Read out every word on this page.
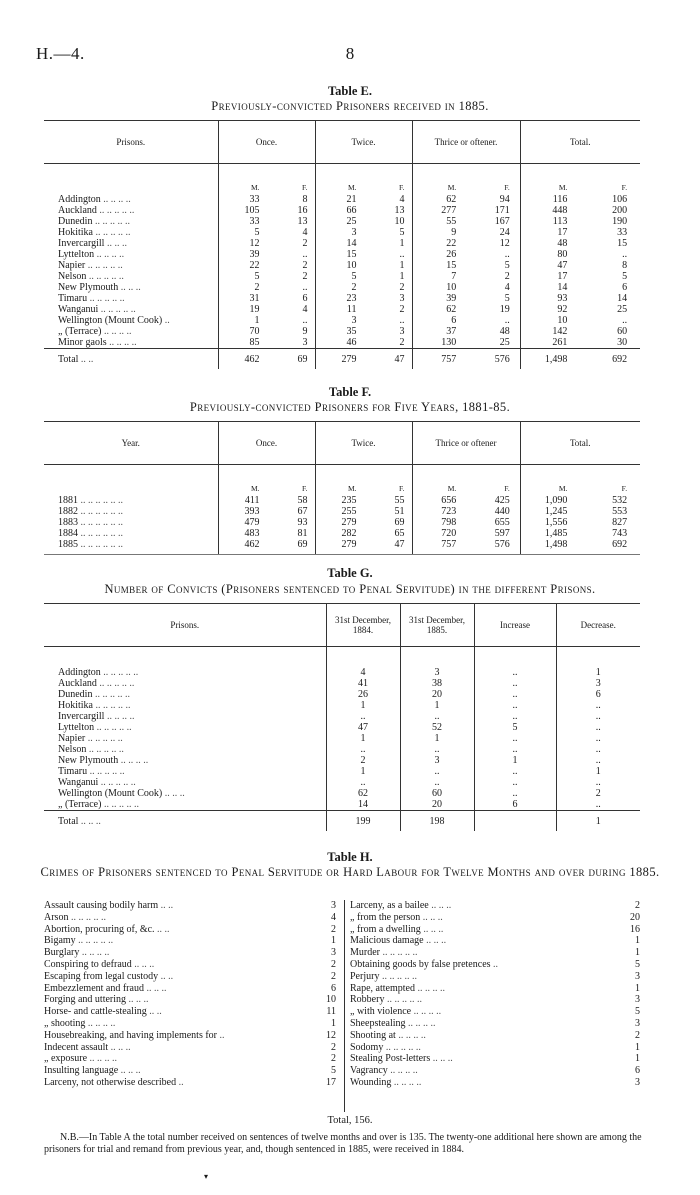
H.—4.	8
Table E.
Previously-convicted Prisoners received in 1885.
Prisons.	Once.	Twice.	Thrice or oftener.	Total.

	M. F.	M. F.	M. F.	M. F.

Addington .. .. .. ..	33 8	21 4	62 94	116 106

Auckland .. .. .. .. ..	105 16	66 13	277 171	448 200

Dunedin .. .. .. .. ..	33 13	25 10	55 167	113 190

Hokitika .. .. .. .. ..	5 4	3 5	9 24	17 33

Invercargill .. .. ..	12 2	14 1	22 12	48 15

Lyttelton .. .. .. ..	39 ..	15 ..	26 ..	80 ..

Napier .. .. .. .. ..	22 2	10 1	15 5	47 8

Nelson .. .. .. .. ..	5 2	5 1	7 2	17 5

New Plymouth .. .. ..	2 ..	2 2	10 4	14 6

Timaru .. .. .. .. ..	31 6	23 3	39 5	93 14

Wanganui .. .. .. .. ..	19 4	11 2	62 19	92 25

Wellington (Mount Cook) ..	1 ..	3 ..	6 ..	10 ..

„ (Terrace) .. .. .. ..	70 9	35 3	37 48	142 60

Minor gaols .. .. .. ..	85 3	46 2	130 25	261 30

Total .. ..	462 69	279 47	757 576	1,498 692
Table F.
Previously-convicted Prisoners for Five Years, 1881-85.
Year.	Once.	Twice.	Thrice or oftener	Total.

	M. F.	M. F.	M. F.	M. F.

1881 .. .. .. .. .. ..	411 58	235 55	656 425	1,090 532

1882 .. .. .. .. .. ..	393 67	255 51	723 440	1,245 553

1883 .. .. .. .. .. ..	479 93	279 69	798 655	1,556 827

1884 .. .. .. .. .. ..	483 81	282 65	720 597	1,485 743

1885 .. .. .. .. .. ..	462 69	279 47	757 576	1,498 692

Table G.
Number of Convicts (Prisoners sentenced to Penal Servitude) in the different Prisons.
Prisons.	31st December, 1884.	31st December, 1885.	Increase	Decrease.

Addington .. .. .. .. ..	4	3	..	1
Auckland .. .. .. .. ..	41	38	..	3
Dunedin .. .. .. .. ..	26	20	..	6
Hokitika .. .. .. .. ..	1	1	..	..
Invercargill .. .. .. ..	..	..	..	..
Lyttelton .. .. .. .. ..	47	52	5	..
Napier .. .. .. .. ..	1	1	..	..
Nelson .. .. .. .. ..	..	..	..	..
New Plymouth .. .. .. ..	2	3	1	..
Timaru .. .. .. .. ..	1	..	..	1
Wanganui .. .. .. .. ..	..	..	..	..
Wellington (Mount Cook) .. .. ..	62	60	..	2
„ (Terrace) .. .. .. .. ..	14	20	6	..
Total .. .. ..	199	198		1
Table H.
Crimes of Prisoners sentenced to Penal Servitude or Hard Labour for Twelve Months and over during 1885.
Assault causing bodily harm .. ..	3
Arson .. .. .. .. ..	4
Abortion, procuring of, &c. .. ..	2
Bigamy .. .. .. .. ..	1
Burglary .. .. .. ..	3
Conspiring to defraud .. .. ..	2
Escaping from legal custody .. ..	2
Embezzlement and fraud .. .. ..	6
Forging and uttering .. .. ..	10
Horse- and cattle-stealing .. ..	11
„ shooting .. .. .. ..	1
Housebreaking, and having implements for ..	12
Indecent assault .. .. ..	2
„ exposure .. .. .. ..	2
Insulting language .. .. ..	5
Larceny, not otherwise described ..	17
Larceny, as a bailee .. .. ..	2
„ from the person .. .. ..	20
„ from a dwelling .. .. ..	16
Malicious damage .. .. ..	1
Murder .. .. .. .. ..	1
Obtaining goods by false pretences ..	5
Perjury .. .. .. .. ..	3
Rape, attempted .. .. .. ..	1
Robbery .. .. .. .. ..	3
„ with violence .. .. .. ..	5
Sheepstealing .. .. .. ..	3
Shooting at .. .. .. ..	2
Sodomy .. .. .. .. ..	1
Stealing Post-letters .. .. ..	1
Vagrancy .. .. .. ..	6
Wounding .. .. .. ..	3
Total, 156.
N.B.—In Table A the total number received on sentences of twelve months and over is 135. The twenty-one additional here shown are among the prisoners for trial and remand from previous year, and, though sentenced in 1885, were received in 1884.
▾
